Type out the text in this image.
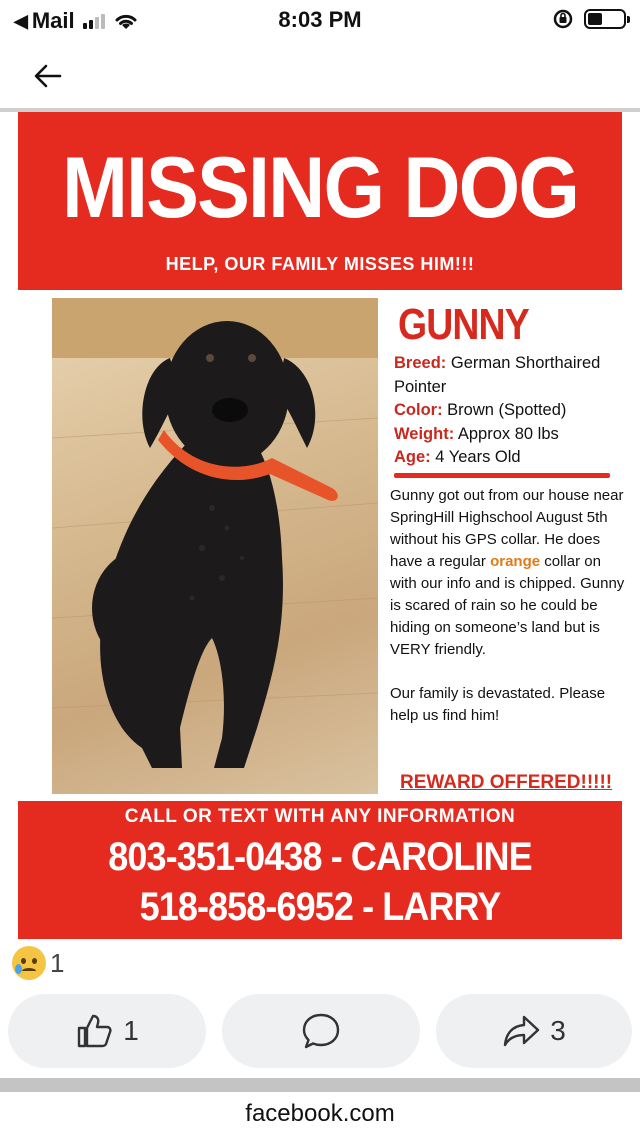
◀ Mail	8:03 PM
MISSING DOG
HELP, OUR FAMILY MISSES HIM!!!
GUNNY
Breed: German Shorthaired Pointer
Color: Brown (Spotted)
Weight: Approx 80 lbs
Age: 4 Years Old

Gunny got out from our house near SpringHill Highschool August 5th without his GPS collar. He does have a regular orange collar on with our info and is chipped. Gunny is scared of rain so he could be hiding on someone’s land but is VERY friendly.

Our family is devastated. Please help us find him!

REWARD OFFERED!!!!!
CALL OR TEXT WITH ANY INFORMATION
803-351-0438 - CAROLINE
518-858-6952 - LARRY
1
1	3
facebook.com
